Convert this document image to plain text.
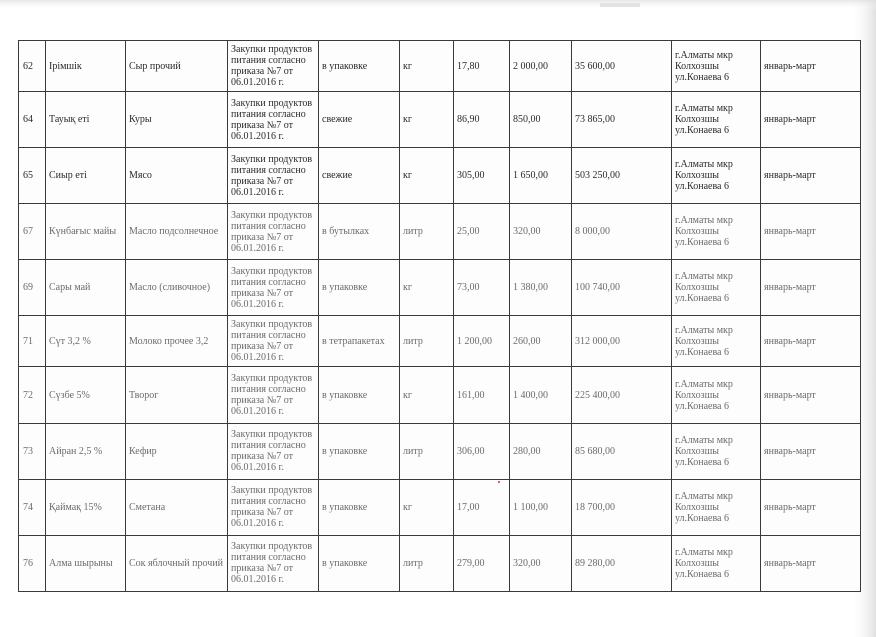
62	Ірімшік	Сыр прочий	Закупки продуктов питания согласно приказа №7 от 06.01.2016 г.	в упаковке	кг	17,80	2 000,00	35 600,00	г.Алматы мкр Колхозшы ул.Конаева 6	январь-март
64	Тауық еті	Куры	Закупки продуктов питания согласно приказа №7 от 06.01.2016 г.	свежие	кг	86,90	850,00	73 865,00	г.Алматы мкр Колхозшы ул.Конаева 6	январь-март
65	Сиыр еті	Мясо	Закупки продуктов питания согласно приказа №7 от 06.01.2016 г.	свежие	кг	305,00	1 650,00	503 250,00	г.Алматы мкр Колхозшы ул.Конаева 6	январь-март
67	Күнбағыс майы	Масло подсолнечное	Закупки продуктов питания согласно приказа №7 от 06.01.2016 г.	в бутылках	литр	25,00	320,00	8 000,00	г.Алматы мкр Колхозшы ул.Конаева 6	январь-март
69	Сары май	Масло (сливочное)	Закупки продуктов питания согласно приказа №7 от 06.01.2016 г.	в упаковке	кг	73,00	1 380,00	100 740,00	г.Алматы мкр Колхозшы ул.Конаева 6	январь-март
71	Сүт 3,2 %	Молоко прочее 3,2	Закупки продуктов питания согласно приказа №7 от 06.01.2016 г.	в тетрапакетах	литр	1 200,00	260,00	312 000,00	г.Алматы мкр Колхозшы ул.Конаева 6	январь-март
72	Сүзбе 5%	Творог	Закупки продуктов питания согласно приказа №7 от 06.01.2016 г.	в упаковке	кг	161,00	1 400,00	225 400,00	г.Алматы мкр Колхозшы ул.Конаева 6	январь-март
73	Айран 2,5 %	Кефир	Закупки продуктов питания согласно приказа №7 от 06.01.2016 г.	в упаковке	литр	306,00	280,00	85 680,00	г.Алматы мкр Колхозшы ул.Конаева 6	январь-март
74	Қаймақ 15%	Сметана	Закупки продуктов питания согласно приказа №7 от 06.01.2016 г.	в упаковке	кг	17,00	1 100,00	18 700,00	г.Алматы мкр Колхозшы ул.Конаева 6	январь-март
76	Алма шырыны	Сок яблочный прочий	Закупки продуктов питания согласно приказа №7 от 06.01.2016 г.	в упаковке	литр	279,00	320,00	89 280,00	г.Алматы мкр Колхозшы ул.Конаева 6	январь-март
